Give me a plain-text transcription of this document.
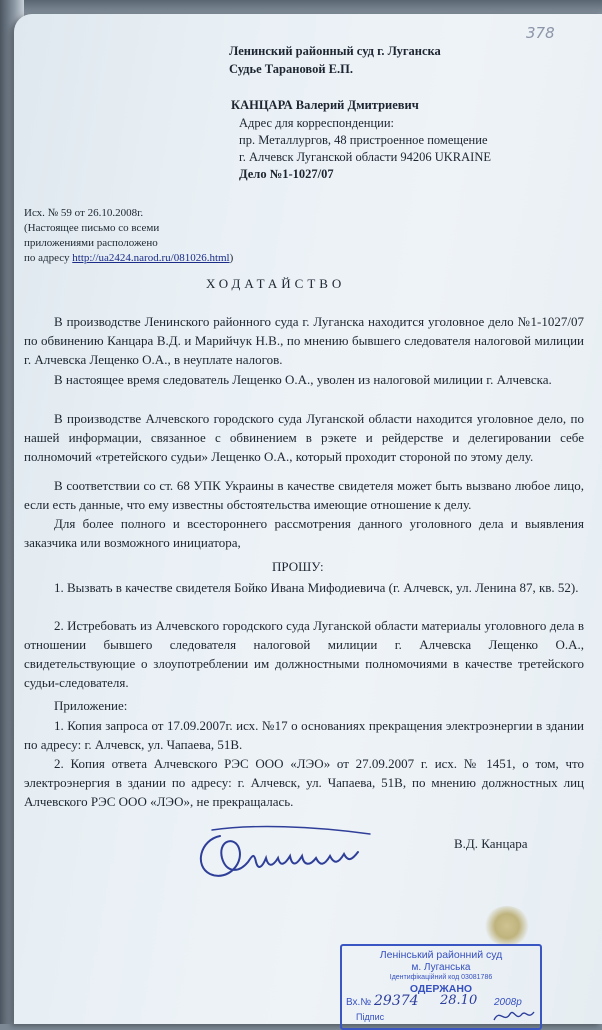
378
Ленинский районный суд г. Луганска
Судье Тарановой Е.П.
КАНЦАРА Валерий Дмитриевич
Адрес для корреспонденции:
пр. Металлургов, 48 пристроенное помещение
г. Алчевск Луганской области 94206 UKRAINE
Дело №1-1027/07
Исх. № 59 от 26.10.2008г.
(Настоящее письмо со всеми
приложениями расположено
по адресу http://ua2424.narod.ru/081026.html)
ХОДАТАЙСТВО
В производстве Ленинского районного суда г. Луганска находится уголовное дело №1-1027/07 по обвинению Канцара В.Д. и Марийчук Н.В., по мнению бывшего следователя налоговой милиции г. Алчевска Лещенко О.А., в неуплате налогов.
В настоящее время следователь Лещенко О.А., уволен из налоговой милиции г. Алчевска.
В производстве Алчевского городского суда Луганской области находится уголовное дело, по нашей информации, связанное с обвинением в рэкете и рейдерстве и делегировании себе полномочий «третейского судьи» Лещенко О.А., который проходит стороной по этому делу.
В соответствии со ст. 68 УПК Украины в качестве свидетеля может быть вызвано любое лицо, если есть данные, что ему известны обстоятельства имеющие отношение к делу.
Для более полного и всестороннего рассмотрения данного уголовного дела и выявления заказчика или возможного инициатора,
ПРОШУ:
1. Вызвать в качестве свидетеля Бойко Ивана Мифодиевича (г. Алчевск, ул. Ленина 87, кв. 52).
2. Истребовать из Алчевского городского суда Луганской области материалы уголовного дела в отношении бывшего следователя налоговой милиции г. Алчевска Лещенко О.А., свидетельствующие о злоупотреблении им должностными полномочиями в качестве третейского судьи-следователя.
Приложение:
1. Копия запроса от 17.09.2007г. исх. №17 о основаниях прекращения электроэнергии в здании по адресу: г. Алчевск, ул. Чапаева, 51В.
2. Копия ответа Алчевского РЭС ООО «ЛЭО» от 27.09.2007 г. исх. № 1451, о том, что электроэнергия в здании по адресу: г. Алчевск, ул. Чапаева, 51В, по мнению должностных лиц Алчевского РЭС ООО «ЛЭО», не прекращалась.
В.Д. Канцара
Ленінський районний суд
м. Луганська
Ідентифікаційний код 03081786
ОДЕРЖАНО
Вх.№ 29374 28.10 2008р
Підпис
